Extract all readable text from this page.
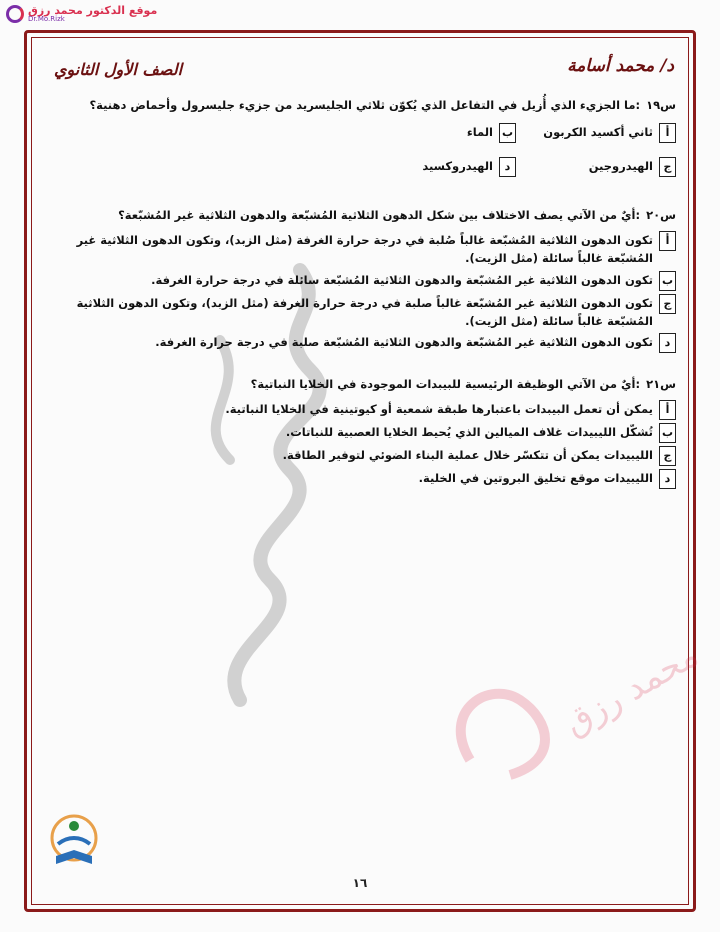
موقع الدكتور محمد رزق
Dr.Mo.Rizk
محمد رزق
د/ محمد أسامة
الصف الأول الثانوي
س١٩
:ما الجزيء الذي أُزيل في التفاعل الذي يُكوّن ثلاثي الجليسريد من جزيء جليسرول وأحماض دهنية؟
أ
ثاني أكسيد الكربون
ب
الماء
ج
الهيدروجين
د
الهيدروكسيد
س٢٠
:أيٌ من الآتي يصف الاختلاف بين شكل الدهون الثلاثية المُشبّعة والدهون الثلاثية غير المُشبّعة؟
أ
تكون الدهون الثلاثية المُشبّعة غالباً صُلبة في درجة حرارة الغرفة (مثل الزبد)، وتكون الدهون الثلاثية غير المُشبّعة غالباً سائلة (مثل الزيت).
ب
تكون الدهون الثلاثية غير المُشبّعة والدهون الثلاثية المُشبّعة سائلة في درجة حرارة الغرفة.
ج
تكون الدهون الثلاثية غير المُشبّعة غالباً صلبة في درجة حرارة الغرفة (مثل الزبد)، وتكون الدهون الثلاثية المُشبّعة غالباً سائلة (مثل الزيت).
د
تكون الدهون الثلاثية غير المُشبّعة والدهون الثلاثية المُشبّعة صلبة في درجة حرارة الغرفة.
س٢١
:أيٌ من الآتي الوظيفة الرئيسية للبيبدات الموجودة في الخلايا النباتية؟
أ
يمكن أن تعمل البيبدات باعتبارها طبقة شمعية أو كيوتينية في الخلايا النباتية.
ب
تُشكّل الليبيدات غلاف الميالين الذي يُحيط الخلايا العصبية للنباتات.
ج
الليبيدات يمكن أن تتكسّر خلال عملية البناء الضوئي لتوفير الطاقة.
د
الليبيدات موقع تخليق البروتين في الخلية.
١٦
